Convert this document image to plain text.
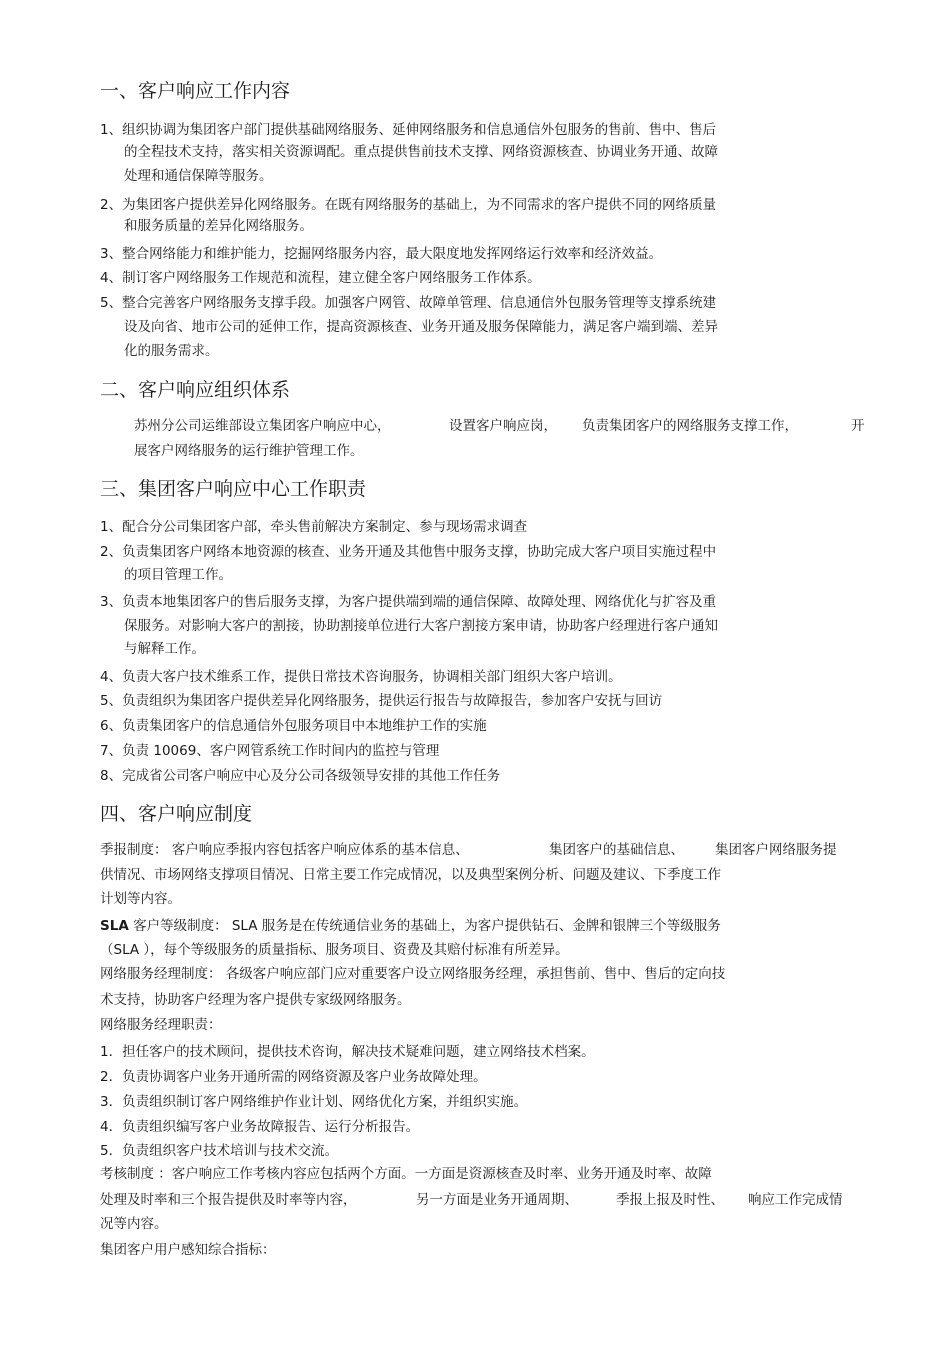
一、客户响应工作内容
1、组织协调为集团客户部门提供基础网络服务、延伸网络服务和信息通信外包服务的售前、售中、售后
的全程技术支持，落实相关资源调配。重点提供售前技术支撑、网络资源核查、协调业务开通、故障
处理和通信保障等服务。
2、为集团客户提供差异化网络服务。在既有网络服务的基础上，为不同需求的客户提供不同的网络质量
和服务质量的差异化网络服务。
3、整合网络能力和维护能力，挖掘网络服务内容，最大限度地发挥网络运行效率和经济效益。
4、制订客户网络服务工作规范和流程，建立健全客户网络服务工作体系。
5、整合完善客户网络服务支撑手段。加强客户网管、故障单管理、信息通信外包服务管理等支撑系统建
设及向省、地市公司的延伸工作，提高资源核查、业务开通及服务保障能力，满足客户端到端、差异
化的服务需求。
二、客户响应组织体系
苏州分公司运维部设立集团客户响应中心，	设置客户响应岗， 负责集团客户的网络服务支撑工作，	开
展客户网络服务的运行维护管理工作。
三、集团客户响应中心工作职责
1、配合分公司集团客户部，牵头售前解决方案制定、参与现场需求调查
2、负责集团客户网络本地资源的核查、业务开通及其他售中服务支撑，协助完成大客户项目实施过程中
的项目管理工作。
3、负责本地集团客户的售后服务支撑，为客户提供端到端的通信保障、故障处理、网络优化与扩容及重
保服务。对影响大客户的割接，协助割接单位进行大客户割接方案申请，协助客户经理进行客户通知
与解释工作。
4、负责大客户技术维系工作，提供日常技术咨询服务，协调相关部门组织大客户培训。
5、负责组织为集团客户提供差异化网络服务，提供运行报告与故障报告，参加客户安抚与回访
6、负责集团客户的信息通信外包服务项目中本地维护工作的实施
7、负责 10069、客户网管系统工作时间内的监控与管理
8、完成省公司客户响应中心及分公司各级领导安排的其他工作任务
四、客户响应制度
季报制度： 客户响应季报内容包括客户响应体系的基本信息、	集团客户的基础信息、 集团客户网络服务提
供情况、市场网络支撑项目情况、日常主要工作完成情况，以及典型案例分析、问题及建议、下季度工作
计划等内容。
SLA 客户等级制度： SLA 服务是在传统通信业务的基础上，为客户提供钻石、金牌和银牌三个等级服务
（SLA ），每个等级服务的质量指标、服务项目、资费及其赔付标准有所差异。
网络服务经理制度： 各级客户响应部门应对重要客户设立网络服务经理，承担售前、售中、售后的定向技
术支持，协助客户经理为客户提供专家级网络服务。
网络服务经理职责：
1．担任客户的技术顾问，提供技术咨询，解决技术疑难问题，建立网络技术档案。
2．负责协调客户业务开通所需的网络资源及客户业务故障处理。
3．负责组织制订客户网络维护作业计划、网络优化方案，并组织实施。
4．负责组织编写客户业务故障报告、运行分析报告。
5．负责组织客户技术培训与技术交流。
考核制度 ：客户响应工作考核内容应包括两个方面。一方面是资源核查及时率、业务开通及时率、故障
处理及时率和三个报告提供及时率等内容，	另一方面是业务开通周期、	季报上报及时性、 响应工作完成情
况等内容。
集团客户用户感知综合指标：
